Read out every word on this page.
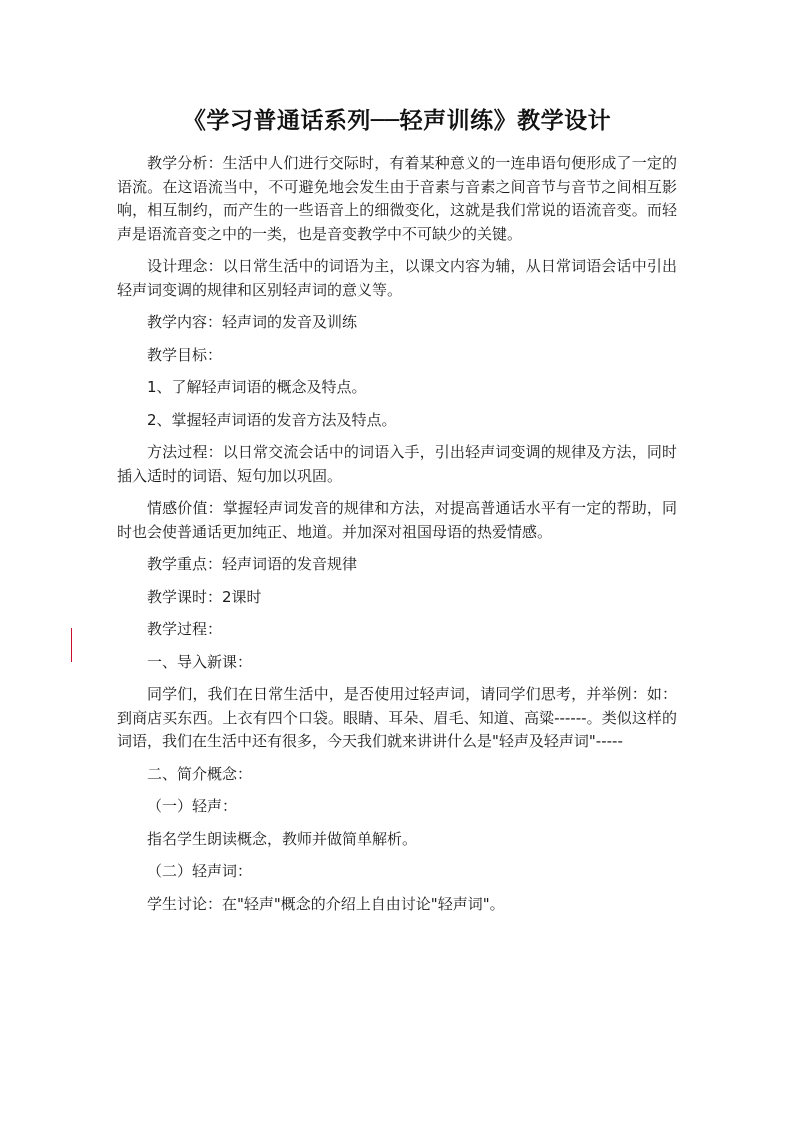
《学习普通话系列──轻声训练》教学设计

教学分析：生活中人们进行交际时，有着某种意义的一连串语句便形成了一定的语流。在这语流当中，不可避免地会发生由于音素与音素之间音节与音节之间相互影响，相互制约，而产生的一些语音上的细微变化，这就是我们常说的语流音变。而轻声是语流音变之中的一类，也是音变教学中不可缺少的关键。

设计理念：以日常生活中的词语为主，以课文内容为辅，从日常词语会话中引出轻声词变调的规律和区别轻声词的意义等。

教学内容：轻声词的发音及训练

教学目标：

1、了解轻声词语的概念及特点。

2、掌握轻声词语的发音方法及特点。

方法过程：以日常交流会话中的词语入手，引出轻声词变调的规律及方法，同时插入适时的词语、短句加以巩固。

情感价值：掌握轻声词发音的规律和方法，对提高普通话水平有一定的帮助，同时也会使普通话更加纯正、地道。并加深对祖国母语的热爱情感。

教学重点：轻声词语的发音规律

教学课时：2课时

教学过程：

一、导入新课：

同学们，我们在日常生活中，是否使用过轻声词，请同学们思考，并举例：如：到商店买东西。上衣有四个口袋。眼睛、耳朵、眉毛、知道、高粱------。类似这样的词语，我们在生活中还有很多，今天我们就来讲讲什么是"轻声及轻声词"-----

二、简介概念：

（一）轻声：

指名学生朗读概念，教师并做简单解析。

（二）轻声词：

学生讨论：在"轻声"概念的介绍上自由讨论"轻声词"。
